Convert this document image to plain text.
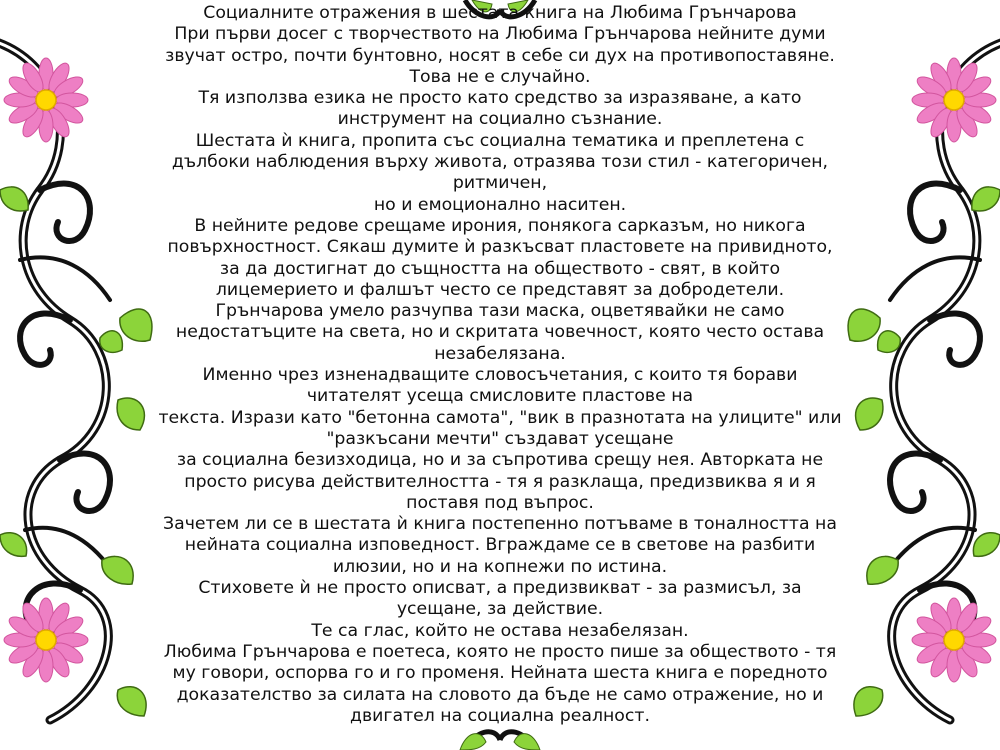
Социалните отражения в шестата книга на Любима Грънчарова
При първи досег с творчеството на Любима Грънчарова нейните думи
звучат остро, почти бунтовно, носят в себе си дух на противопоставяне.
Това не е случайно.
Тя използва езика не просто като средство за изразяване, а като
инструмент на социално съзнание.
Шестата ѝ книга, пропита със социална тематика и преплетена с
дълбоки наблюдения върху живота, отразява този стил - категоричен,
ритмичен,
но и емоционално наситен.
В нейните редове срещаме ирония, понякога сарказъм, но никога
повърхностност. Сякаш думите ѝ разкъсват пластовете на привидното,
за да достигнат до същността на обществото - свят, в който
лицемерието и фалшът често се представят за добродетели.
Грънчарова умело разчупва тази маска, оцветявайки не само
недостатъците на света, но и скритата човечност, която често остава
незабелязана.
Именно чрез изненадващите словосъчетания, с които тя борави
читателят усеща смисловите пластове на
текста. Изрази като "бетонна самота", "вик в празнотата на улиците" или
"разкъсани мечти" създават усещане
за социална безизходица, но и за съпротива срещу нея. Авторката не
просто рисува действителността - тя я разклаща, предизвиква я и я
поставя под въпрос.
Зачетем ли се в шестата ѝ книга постепенно потъваме в тоналността на
нейната социална изповедност. Вграждаме се в светове на разбити
илюзии, но и на копнежи по истина.
Стиховете ѝ не просто описват, а предизвикват - за размисъл, за
усещане, за действие.
Те са глас, който не остава незабелязан.
Любима Грънчарова е поетеса, която не просто пише за обществото - тя
му говори, оспорва го и го променя. Нейната шеста книга е поредното
доказателство за силата на словото да бъде не само отражение, но и
двигател на социална реалност.
